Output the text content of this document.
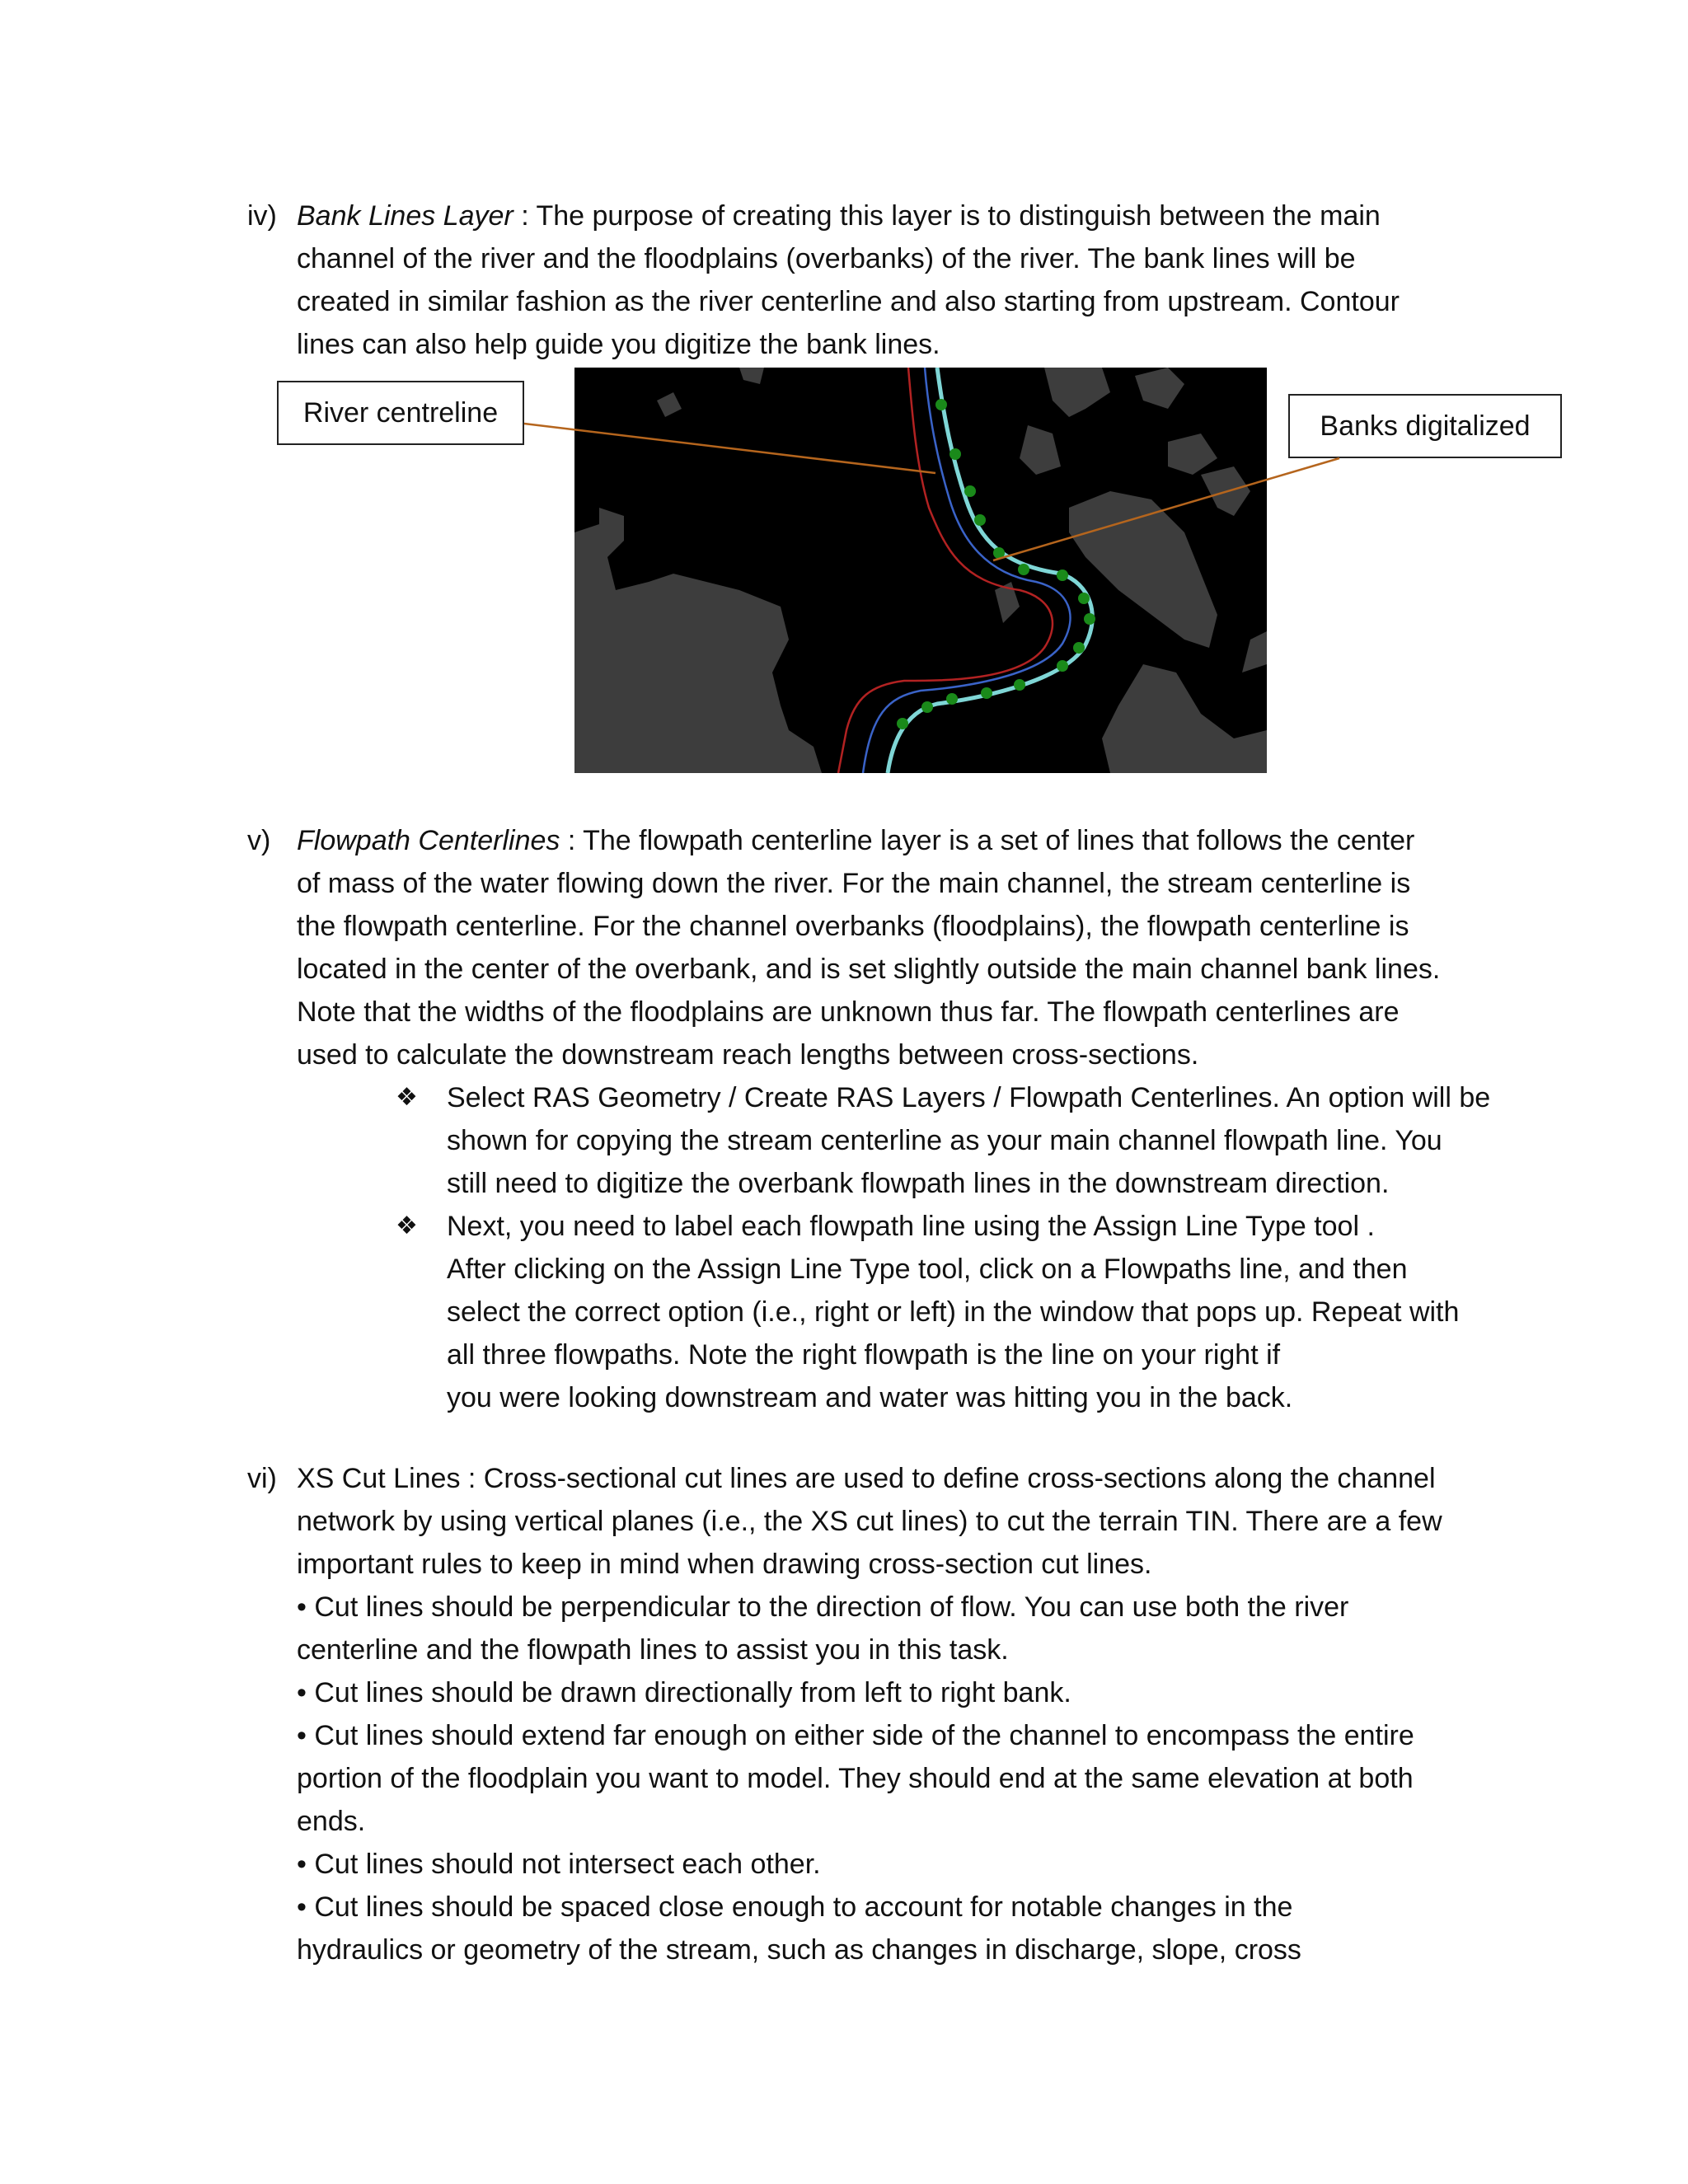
iv) Bank Lines Layer : The purpose of creating this layer is to distinguish between the main

channel of the river and the floodplains (overbanks) of the river. The bank lines will be

created in similar fashion as the river centerline and also starting from upstream. Contour

lines can also help guide you digitize the bank lines.

River centreline	Banks digitalized
v) Flowpath Centerlines : The flowpath centerline layer is a set of lines that follows the center

of mass of the water flowing down the river. For the main channel, the stream centerline is

the flowpath centerline. For the channel overbanks (floodplains), the flowpath centerline is

located in the center of the overbank, and is set slightly outside the main channel bank lines.

Note that the widths of the floodplains are unknown thus far. The flowpath centerlines are

used to calculate the downstream reach lengths between cross-sections.

❖ Select RAS Geometry / Create RAS Layers / Flowpath Centerlines. An option will be

shown for copying the stream centerline as your main channel flowpath line. You

still need to digitize the overbank flowpath lines in the downstream direction.

❖ Next, you need to label each flowpath line using the Assign Line Type tool .

After clicking on the Assign Line Type tool, click on a Flowpaths line, and then

select the correct option (i.e., right or left) in the window that pops up. Repeat with

all three flowpaths. Note the right flowpath is the line on your right if

you were looking downstream and water was hitting you in the back.

vi) XS Cut Lines : Cross-sectional cut lines are used to define cross-sections along the channel

network by using vertical planes (i.e., the XS cut lines) to cut the terrain TIN. There are a few

important rules to keep in mind when drawing cross-section cut lines.

• Cut lines should be perpendicular to the direction of flow. You can use both the river

centerline and the flowpath lines to assist you in this task.

• Cut lines should be drawn directionally from left to right bank.

• Cut lines should extend far enough on either side of the channel to encompass the entire

portion of the floodplain you want to model. They should end at the same elevation at both

ends.

• Cut lines should not intersect each other.

• Cut lines should be spaced close enough to account for notable changes in the

hydraulics or geometry of the stream, such as changes in discharge, slope, cross
